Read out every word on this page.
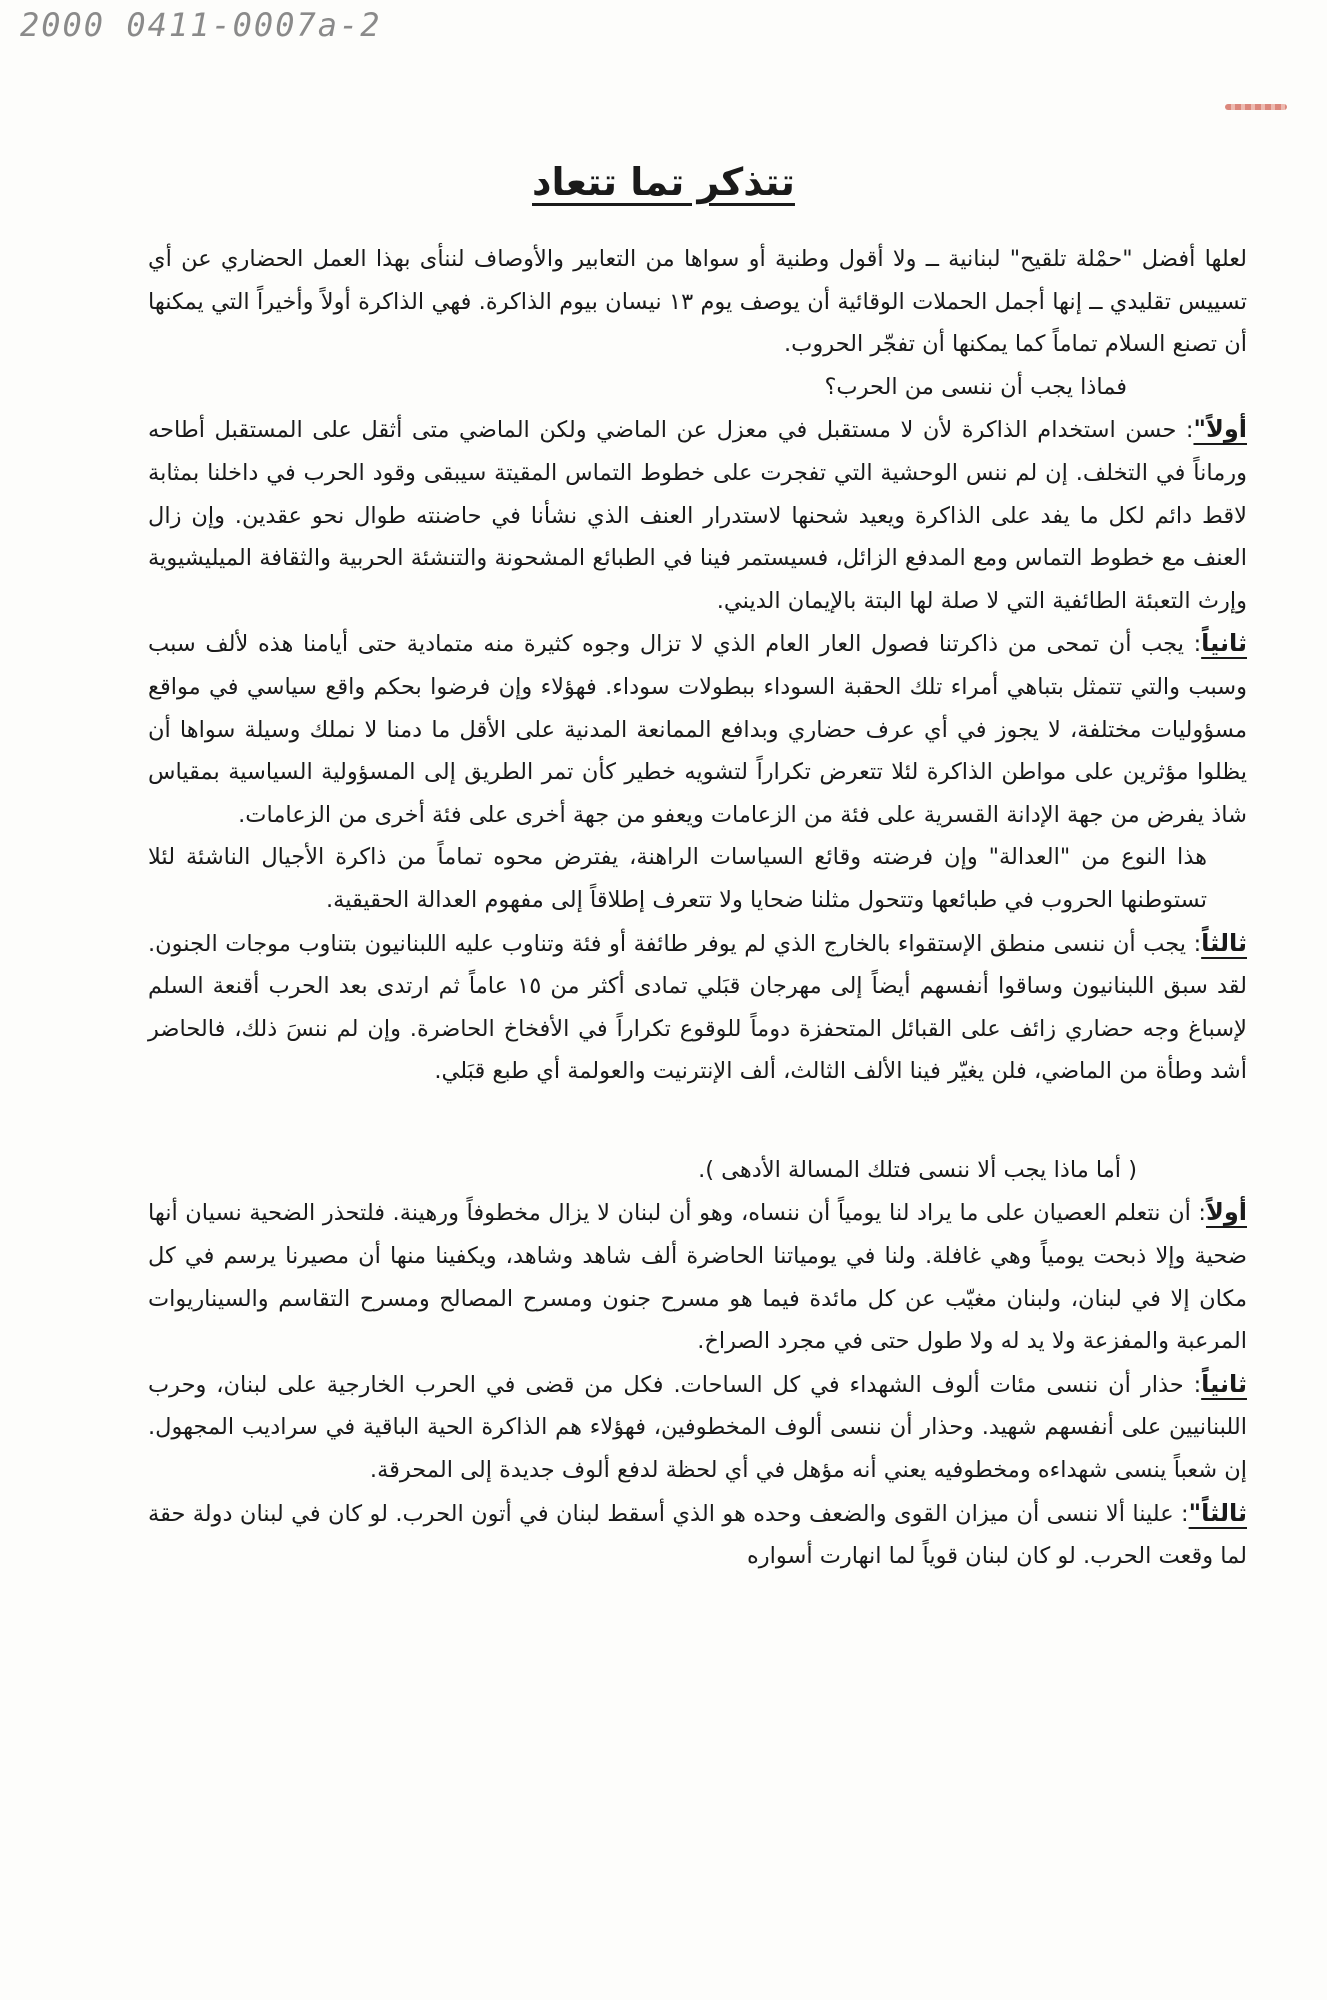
2000 0411-0007a-2
تتذكر تما تتعاد

لعلها أفضل "حمْلة تلقيح" لبنانية ــ ولا أقول وطنية أو سواها من التعابير والأوصاف لننأى بهذا العمل الحضاري عن أي تسييس تقليدي ــ إنها أجمل الحملات الوقائية أن يوصف يوم ١٣ نيسان بيوم الذاكرة. فهي الذاكرة أولاً وأخيراً التي يمكنها أن تصنع السلام تماماً كما يمكنها أن تفجّر الحروب.

فماذا يجب أن ننسى من الحرب؟

أولاً": حسن استخدام الذاكرة لأن لا مستقبل في معزل عن الماضي ولكن الماضي متى أثقل على المستقبل أطاحه ورماناً في التخلف. إن لم ننس الوحشية التي تفجرت على خطوط التماس المقيتة سيبقى وقود الحرب في داخلنا بمثابة لاقط دائم لكل ما يفد على الذاكرة ويعيد شحنها لاستدرار العنف الذي نشأنا في حاضنته طوال نحو عقدين. وإن زال العنف مع خطوط التماس ومع المدفع الزائل، فسيستمر فينا في الطبائع المشحونة والتنشئة الحربية والثقافة الميليشيوية وإرث التعبئة الطائفية التي لا صلة لها البتة بالإيمان الديني.

ثانياً: يجب أن تمحى من ذاكرتنا فصول العار العام الذي لا تزال وجوه كثيرة منه متمادية حتى أيامنا هذه لألف سبب وسبب والتي تتمثل بتباهي أمراء تلك الحقبة السوداء ببطولات سوداء. فهؤلاء وإن فرضوا بحكم واقع سياسي في مواقع مسؤوليات مختلفة، لا يجوز في أي عرف حضاري وبدافع الممانعة المدنية على الأقل ما دمنا لا نملك وسيلة سواها أن يظلوا مؤثرين على مواطن الذاكرة لئلا تتعرض تكراراً لتشويه خطير كأن تمر الطريق إلى المسؤولية السياسية بمقياس شاذ يفرض من جهة الإدانة القسرية على فئة من الزعامات ويعفو من جهة أخرى على فئة أخرى من الزعامات.

هذا النوع من "العدالة" وإن فرضته وقائع السياسات الراهنة، يفترض محوه تماماً من ذاكرة الأجيال الناشئة لئلا تستوطنها الحروب في طبائعها وتتحول مثلنا ضحايا ولا تتعرف إطلاقاً إلى مفهوم العدالة الحقيقية.

ثالثاً: يجب أن ننسى منطق الإستقواء بالخارج الذي لم يوفر طائفة أو فئة وتناوب عليه اللبنانيون بتناوب موجات الجنون. لقد سبق اللبنانيون وساقوا أنفسهم أيضاً إلى مهرجان قبَلي تمادى أكثر من ١٥ عاماً ثم ارتدى بعد الحرب أقنعة السلم لإسباغ وجه حضاري زائف على القبائل المتحفزة دوماً للوقوع تكراراً في الأفخاخ الحاضرة. وإن لم ننسَ ذلك، فالحاضر أشد وطأة من الماضي، فلن يغيّر فينا الألف الثالث، ألف الإنترنيت والعولمة أي طبع قبَلي.

( أما ماذا يجب ألا ننسى فتلك المسالة الأدهى ).

أولاً: أن نتعلم العصيان على ما يراد لنا يومياً أن ننساه، وهو أن لبنان لا يزال مخطوفاً ورهينة. فلتحذر الضحية نسيان أنها ضحية وإلا ذبحت يومياً وهي غافلة. ولنا في يومياتنا الحاضرة ألف شاهد وشاهد، ويكفينا منها أن مصيرنا يرسم في كل مكان إلا في لبنان، ولبنان مغيّب عن كل مائدة فيما هو مسرح جنون ومسرح المصالح ومسرح التقاسم والسيناريوات المرعبة والمفزعة ولا يد له ولا طول حتى في مجرد الصراخ.

ثانياً: حذار أن ننسى مئات ألوف الشهداء في كل الساحات. فكل من قضى في الحرب الخارجية على لبنان، وحرب اللبنانيين على أنفسهم شهيد. وحذار أن ننسى ألوف المخطوفين، فهؤلاء هم الذاكرة الحية الباقية في سراديب المجهول. إن شعباً ينسى شهداءه ومخطوفيه يعني أنه مؤهل في أي لحظة لدفع ألوف جديدة إلى المحرقة.

ثالثاً": علينا ألا ننسى أن ميزان القوى والضعف وحده هو الذي أسقط لبنان في أتون الحرب. لو كان في لبنان دولة حقة لما وقعت الحرب. لو كان لبنان قوياً لما انهارت أسواره
